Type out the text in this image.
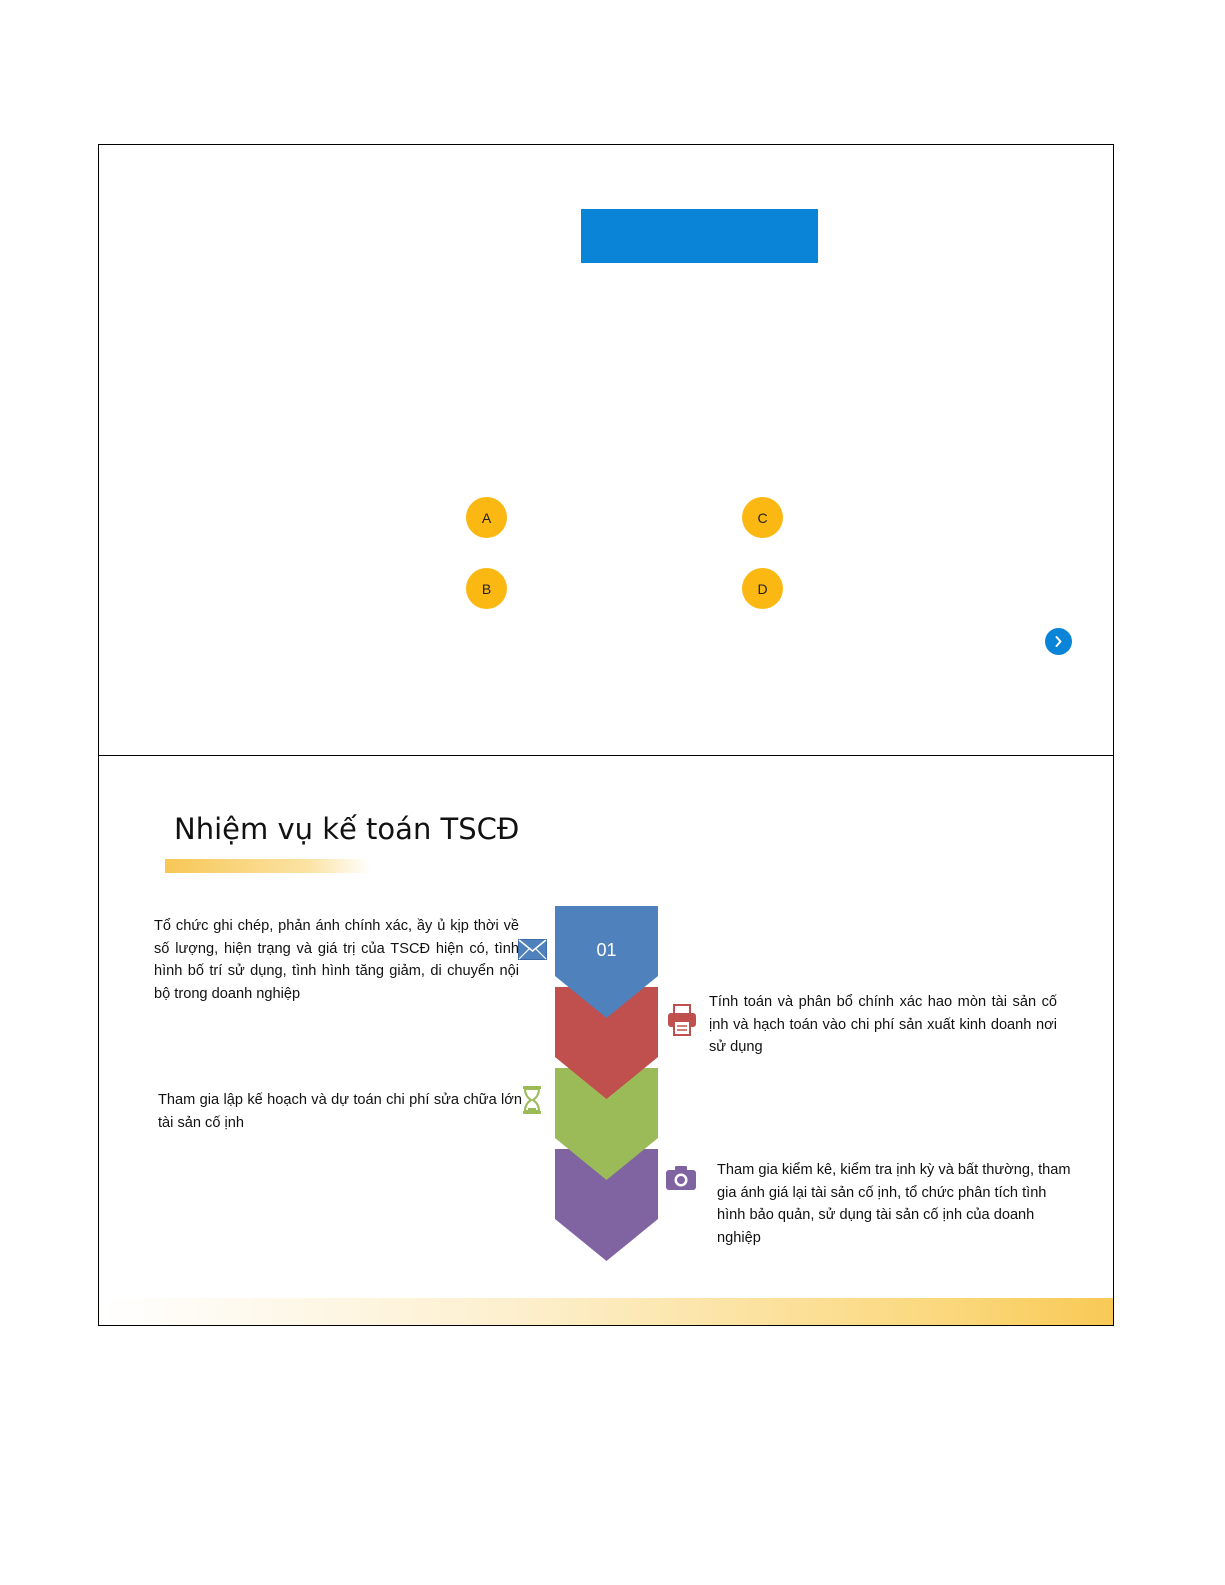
A
B
C
D
Nhiệm vụ kế toán TSCĐ
01
Tổ chức ghi chép, phản ánh chính xác, ầy ủ kịp thời về số lượng, hiện trạng và giá trị của TSCĐ hiện có, tình hình bố trí sử dụng, tình hình tăng giảm, di chuyển nội bộ trong doanh nghiệp
Tính toán và phân bổ chính xác hao mòn tài sản cố ịnh và hạch toán vào chi phí sản xuất kinh doanh nơi sử dụng
Tham gia lập kế hoạch và dự toán chi phí sửa chữa lớn tài sản cố ịnh
Tham gia kiểm kê, kiểm tra ịnh kỳ và bất thường, tham gia ánh giá lại tài sản cố ịnh, tổ chức phân tích tình hình bảo quản, sử dụng tài sản cố ịnh của doanh nghiệp
